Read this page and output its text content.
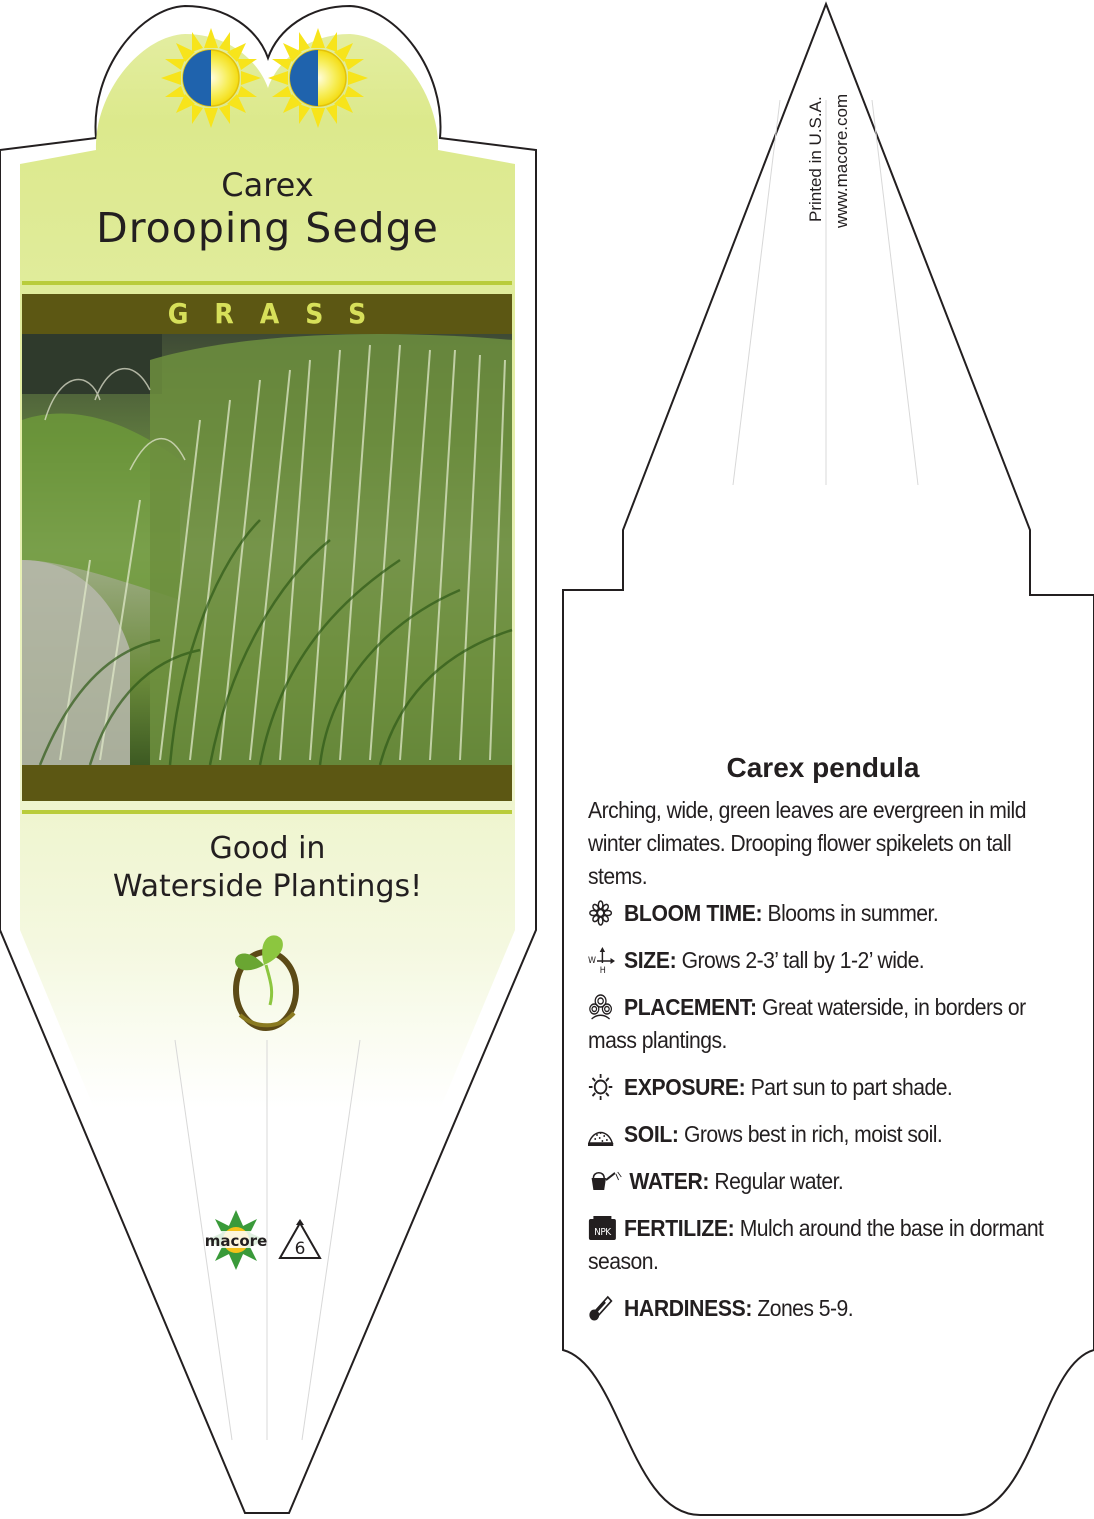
macore 6
Carex
Drooping Sedge
GRASS
Good in
Waterside Plantings!
Printed in U.S.A. www.macore.com
Carex pendula
Arching, wide, green leaves are evergreen in mild winter climates. Drooping flower spikelets on tall stems.
BLOOM TIME: Blooms in summer.
W
H SIZE: Grows 2-3’ tall by 1-2’ wide.
PLACEMENT: Great waterside, in borders or mass plantings.
EXPOSURE: Part sun to part shade.
SOIL: Grows best in rich, moist soil.
WATER: Regular water.
NPK FERTILIZE: Mulch around the base in dormant season.
HARDINESS: Zones 5-9.
